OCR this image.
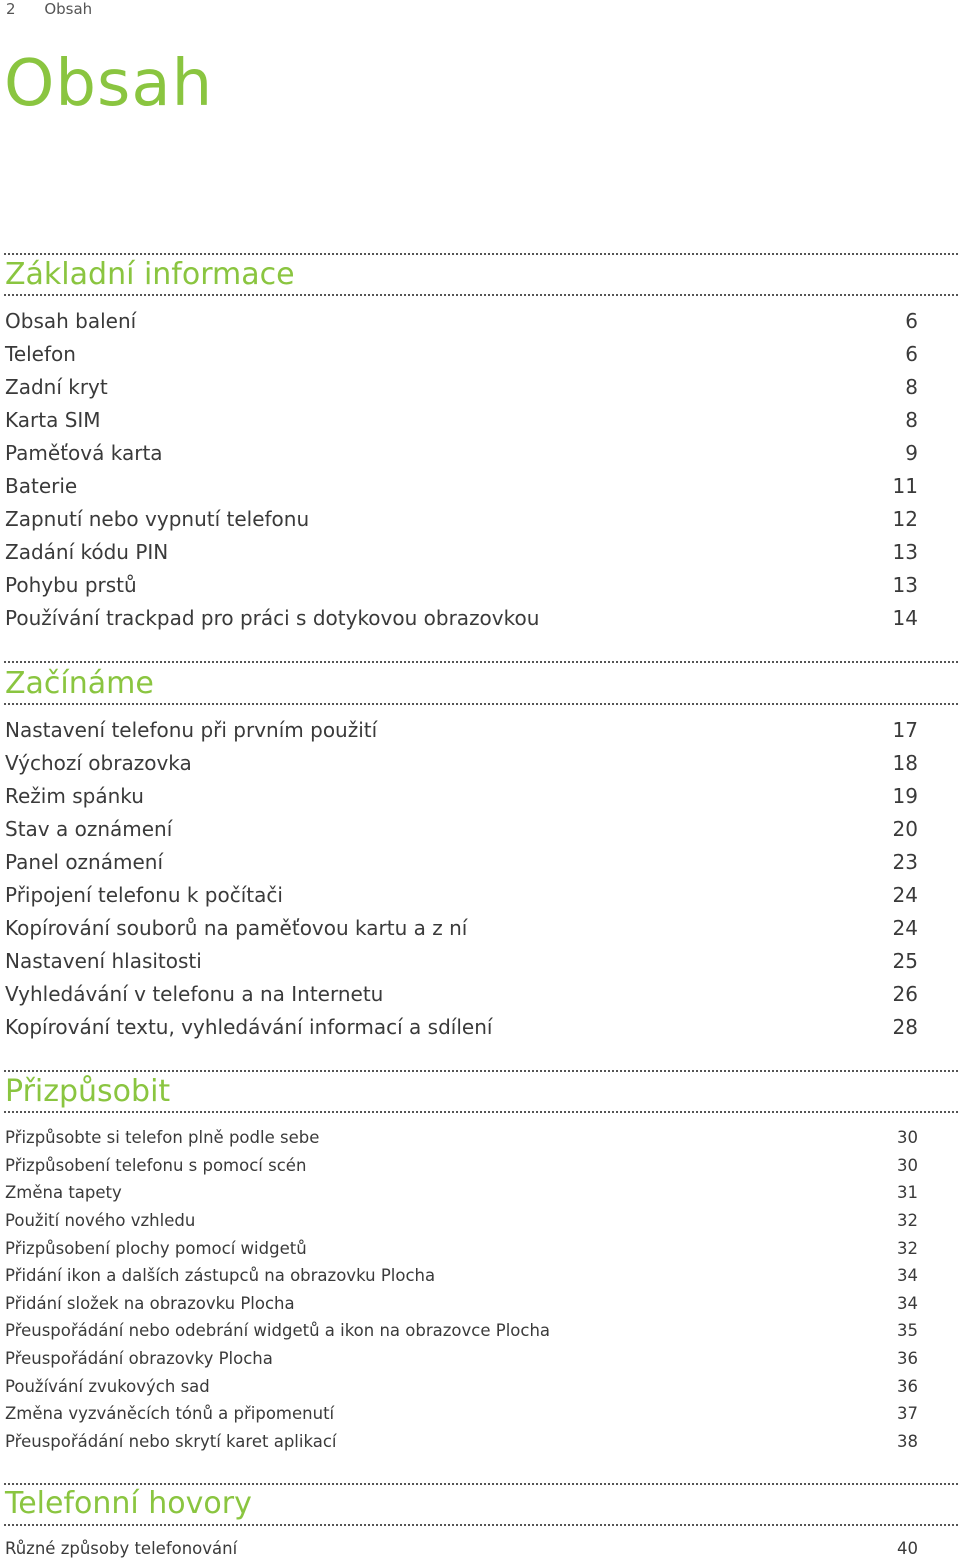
2 Obsah
Obsah
Základní informace
Obsah balení	6
Telefon	6
Zadní kryt	8
Karta SIM	8
Paměťová karta	9
Baterie	11
Zapnutí nebo vypnutí telefonu	12
Zadání kódu PIN	13
Pohybu prstů	13
Používání trackpad pro práci s dotykovou obrazovkou	14
Začínáme
Nastavení telefonu při prvním použití	17
Výchozí obrazovka	18
Režim spánku	19
Stav a oznámení	20
Panel oznámení	23
Připojení telefonu k počítači	24
Kopírování souborů na paměťovou kartu a z ní	24
Nastavení hlasitosti	25
Vyhledávání v telefonu a na Internetu	26
Kopírování textu, vyhledávání informací a sdílení	28
Přizpůsobit
Přizpůsobte si telefon plně podle sebe	30
Přizpůsobení telefonu s pomocí scén	30
Změna tapety	31
Použití nového vzhledu	32
Přizpůsobení plochy pomocí widgetů	32
Přidání ikon a dalších zástupců na obrazovku Plocha	34
Přidání složek na obrazovku Plocha	34
Přeuspořádání nebo odebrání widgetů a ikon na obrazovce Plocha	35
Přeuspořádání obrazovky Plocha	36
Používání zvukových sad	36
Změna vyzváněcích tónů a připomenutí	37
Přeuspořádání nebo skrytí karet aplikací	38
Telefonní hovory
Různé způsoby telefonování	40
